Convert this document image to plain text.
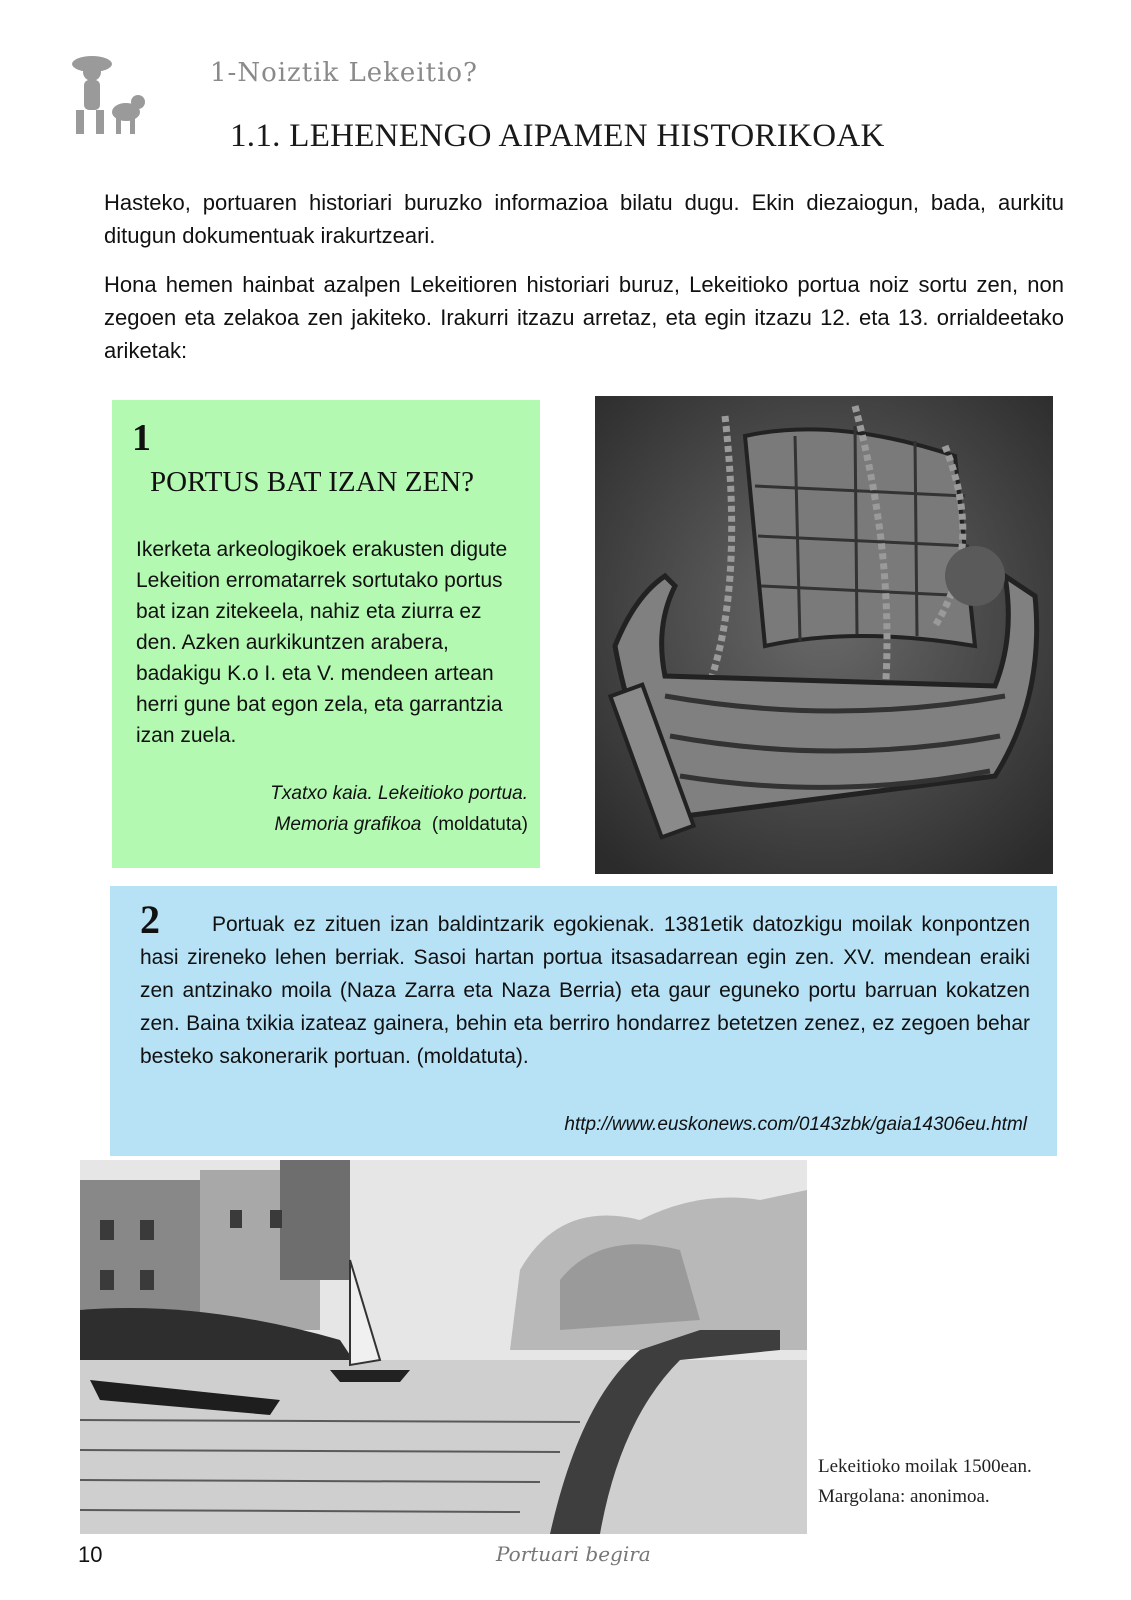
1-Noiztik Lekeitio?
1.1. LEHENENGO AIPAMEN HISTORIKOAK
Hasteko, portuaren historiari buruzko informazioa bilatu dugu. Ekin diezaiogun, bada, aurkitu ditugun dokumentuak irakurtzeari.
Hona hemen hainbat azalpen Lekeitioren historiari buruz, Lekeitioko portua noiz sortu zen, non zegoen eta zelakoa zen jakiteko. Irakurri itzazu arretaz, eta egin itzazu 12. eta 13. orrialdeetako ariketak:
1
PORTUS BAT IZAN ZEN?
Ikerketa arkeologikoek erakusten digute Lekeition erromatarrek sortutako portus bat izan zitekeela, nahiz eta ziurra ez den. Azken aurkikuntzen arabera, badakigu K.o I. eta V. mendeen artean herri gune bat egon zela, eta garrantzia izan zuela.
Txatxo kaia. Lekeitioko portua.
Memoria grafikoa (moldatuta)
2	Portuak ez zituen izan baldintzarik egokienak. 1381etik datozkigu moilak konpontzen hasi zireneko lehen berriak. Sasoi hartan portua itsasadarrean egin zen. XV. mendean eraiki zen antzinako moila (Naza Zarra eta Naza Berria) eta gaur eguneko portu barruan kokatzen zen. Baina txikia izateaz gainera, behin eta berriro hondarrez betetzen zenez, ez zegoen behar besteko sakonerarik portuan. (moldatuta).
http://www.euskonews.com/0143zbk/gaia14306eu.html
Lekeitioko moilak 1500ean.
Margolana: anonimoa.
10	Portuari begira
